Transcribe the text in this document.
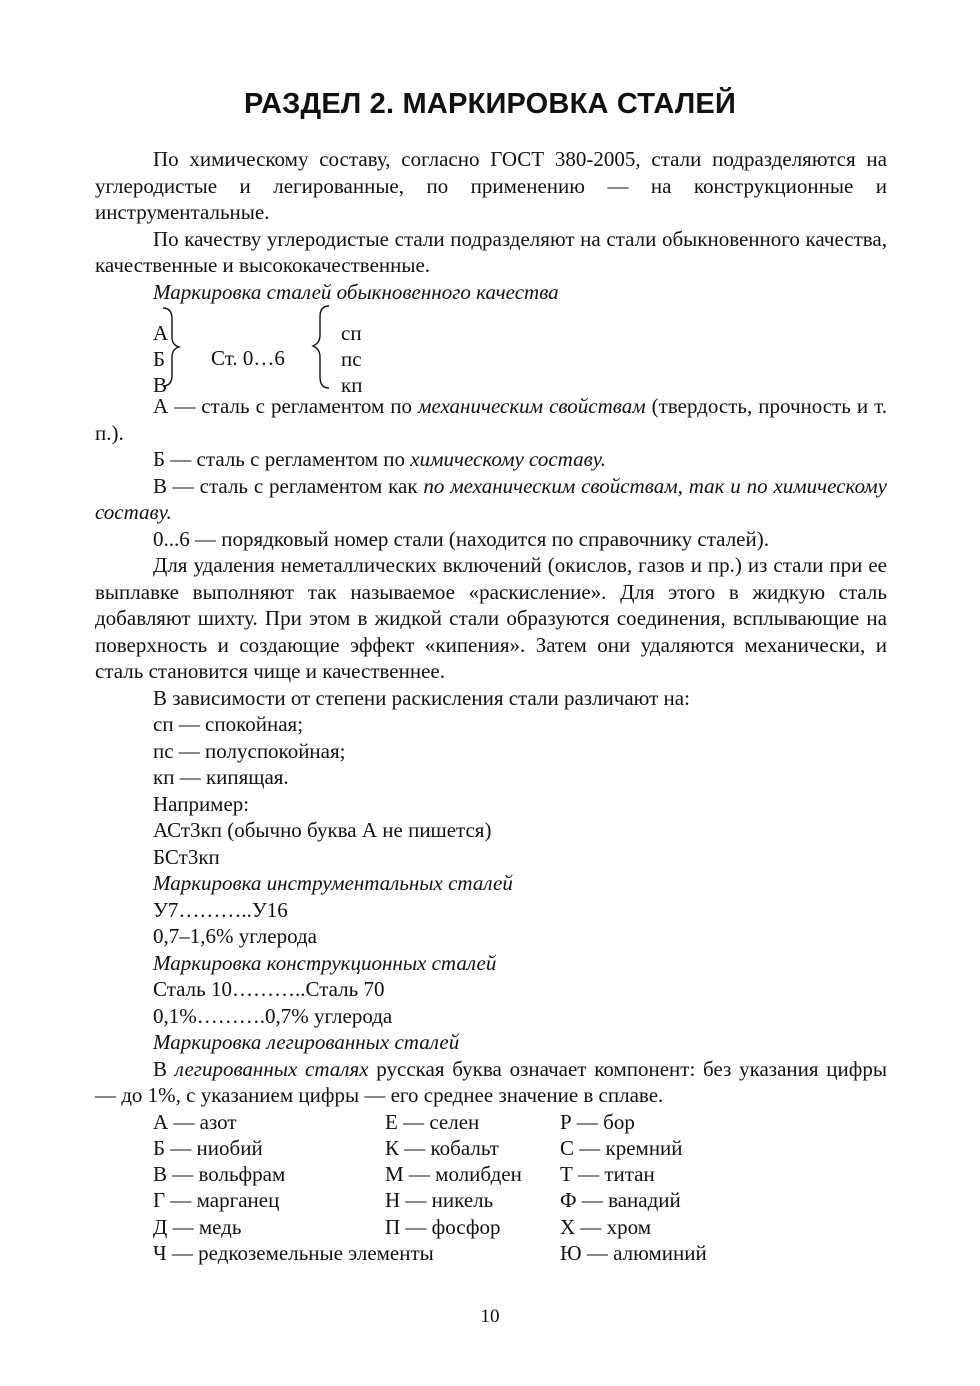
РАЗДЕЛ 2. МАРКИРОВКА СТАЛЕЙ

По химическому составу, согласно ГОСТ 380-2005, стали подразделяются на углеродистые и легированные, по применению — на конструкционные и инструментальные.

По качеству углеродистые стали подразделяют на стали обыкновенного качества, качественные и высококачественные.

Маркировка сталей обыкновенного качества

А
Б
В
Ст. 0…6
сп
пс
кп

А — сталь с регламентом по механическим свойствам (твердость, прочность и т. п.).

Б — сталь с регламентом по химическому составу.

В — сталь с регламентом как по механическим свойствам, так и по химическому составу.

0...6 — порядковый номер стали (находится по справочнику сталей).

Для удаления неметаллических включений (окислов, газов и пр.) из стали при ее выплавке выполняют так называемое «раскисление». Для этого в жидкую сталь добавляют шихту. При этом в жидкой стали образуются соединения, всплывающие на поверхность и создающие эффект «кипения». Затем они удаляются механически, и сталь становится чище и качественнее.

В зависимости от степени раскисления стали различают на:

сп — спокойная;

пс — полуспокойная;

кп — кипящая.

Например:

АСт3кп (обычно буква А не пишется)

БСт3кп

Маркировка инструментальных сталей

У7………..У16

0,7–1,6% углерода

Маркировка конструкционных сталей

Сталь 10………..Сталь 70

0,1%……….0,7% углерода

Маркировка легированных сталей

В легированных сталях русская буква означает компонент: без указания цифры — до 1%, с указанием цифры — его среднее значение в сплаве.

А — азот	Е — селен	Р — бор
Б — ниобий	К — кобальт	С — кремний
В — вольфрам	М — молибден	Т — титан
Г — марганец	Н — никель	Ф — ванадий
Д — медь	П — фосфор	Х — хром
Ч — редкоземельные элементы		Ю — алюминий
10
